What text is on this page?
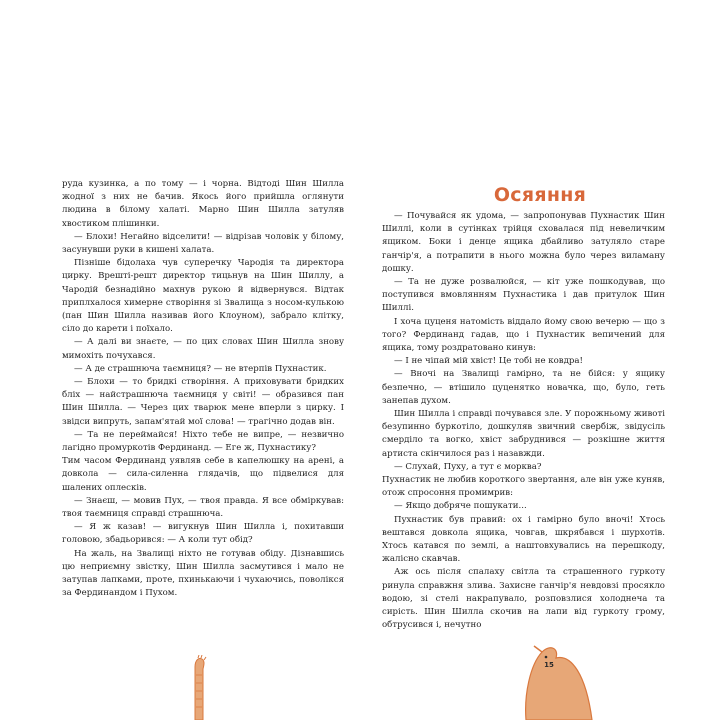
руда кузинка, а по тому — і чорна. Відтоді Шин Шилла жодної з них не бачив. Якось його прийшла оглянути людина в білому халаті. Марно Шин Шилла затуляв хвостиком плішинки.

— Блохи! Негайно відселити! — відрізав чоловік у білому, засунувши руки в кишені халата.

Пізніше бідолаха чув суперечку Чародія та директора цирку. Врешті-решт директор тицьнув на Шин Шиллу, а Чародій безнадійно махнув рукою й відвернувся. Відтак приплхалося химерне створіння зі Звалища з носом-кулькою (пан Шин Шилла називав його Клоуном), забрало клітку, сіло до карети і поїхало.

— А далі ви знаєте, — по цих словах Шин Шилла знову мимохіть почухався.

— А де страшнюча таємниця? — не втерпів Пухнастик.

— Блохи — то бридкі створіння. А приховувати бридких бліх — найстрашнюча таємниця у світі! — образився пан Шин Шилла. — Через цих тварюк мене вперли з цирку. І звідси випруть, запам'ятай мої слова! — трагічно додав він.

— Та не переймайся! Ніхто тебе не випре, — незвично лагідно промуркотів Фердинанд. — Еге ж, Пухнастику?

Тим часом Фердинанд уявляв себе в капелюшку на арені, а довкола — сила-силенна глядачів, що підвелися для шалених оплесків.

— Знаєш, — мовив Пух, — твоя правда. Я все обміркував: твоя таємниця справді страшнюча.

— Я ж казав! — вигукнув Шин Шилла і, похитавши головою, збадьорився: — А коли тут обід?

На жаль, на Звалищі ніхто не готував обіду. Дізнавшись цю неприємну звістку, Шин Шилла засмутився і мало не затупав лапками, проте, пхинькаючи і чухаючись, поволікся за Фердинандом і Пухом.

Осяяння

— Почувайся як удома, — запропонував Пухнастик Шин Шиллі, коли в сутінках трійця сховалася під невеличким ящиком. Боки і денце ящика дбайливо затуляло старе ганчір'я, а потрапити в нього можна було через виламану дошку.

— Та не дуже розвалюйся, — кіт уже пошкодував, що поступився вмовлянням Пухнастика і дав притулок Шин Шиллі.

І хоча цуценя натомість віддало йому свою вечерю — що з того? Фердинанд гадав, що і Пухнастик вепичений для ящика, тому роздратовано кинув:

— І не чіпай мій хвіст! Це тобі не ковдра!

— Вночі на Звалищі гамірно, та не бійся: у ящику безпечно, — втішило цуценятко новачка, що, було, геть занепав духом.

Шин Шилла і справді почувався зле. У порожньому животі безупинно буркотіло, дошкуляв звичний свербіж, звідусіль смерділо та вогко, хвіст забруднився — розкішне життя артиста скінчилося раз і назавжди.

— Слухай, Пуху, а тут є морква?

Пухнастик не любив короткого звертання, але він уже куняв, отож спросоння промимрив:

— Якщо добряче пошукати...

Пухнастик був правий: ох і гамірно було вночі! Хтось вештався довкола ящика, човгав, шкрябався і шурхотів. Хтось катався по землі, а наштовхувались на перешкоду, жалісно скавчав.

Аж ось після спалаху світла та страшенного гуркоту ринула справжня злива. Захисне ганчір'я невдовзі просякло водою, зі стелі накрапувало, розповзлися холоднеча та сирість. Шин Шилла скочив на лапи від гуркоту грому, обтрусився і, нечутно

15
